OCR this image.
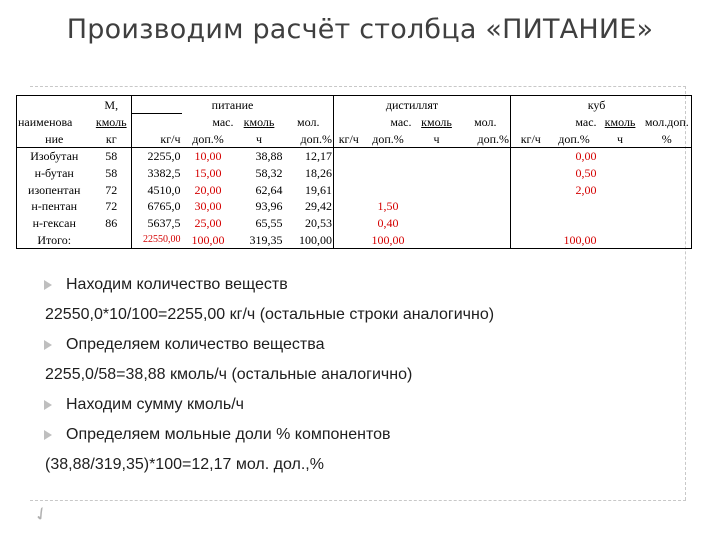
Производим расчёт столбца «ПИТАНИЕ»
	М,		питание				дистиллят				куб		
наименова	кмоль		мас.	кмоль	мол.		мас.	кмоль	мол.		мас.	кмоль	мол.доп.
ние	кг	кг/ч	доп.%	ч	доп.%	кг/ч	доп.%	ч	доп.%	кг/ч	доп.%	ч	%
Изобутан	58	2255,0	10,00	38,88	12,17						0,00		
н-бутан	58	3382,5	15,00	58,32	18,26						0,50		
изопентан	72	4510,0	20,00	62,64	19,61						2,00		
н-пентан	72	6765,0	30,00	93,96	29,42		1,50						
н-гексан	86	5637,5	25,00	65,55	20,53		0,40						
Итого:		22550,00	100,00	319,35	100,00		100,00				100,00		
Находим количество веществ
22550,0*10/100=2255,00 кг/ч (остальные строки аналогично)
Определяем количество вещества
2255,0/58=38,88 кмоль/ч (остальные аналогично)
Находим сумму кмоль/ч
Определяем мольные доли % компонентов
(38,88/319,35)*100=12,17 мол. дол.,%
✓
